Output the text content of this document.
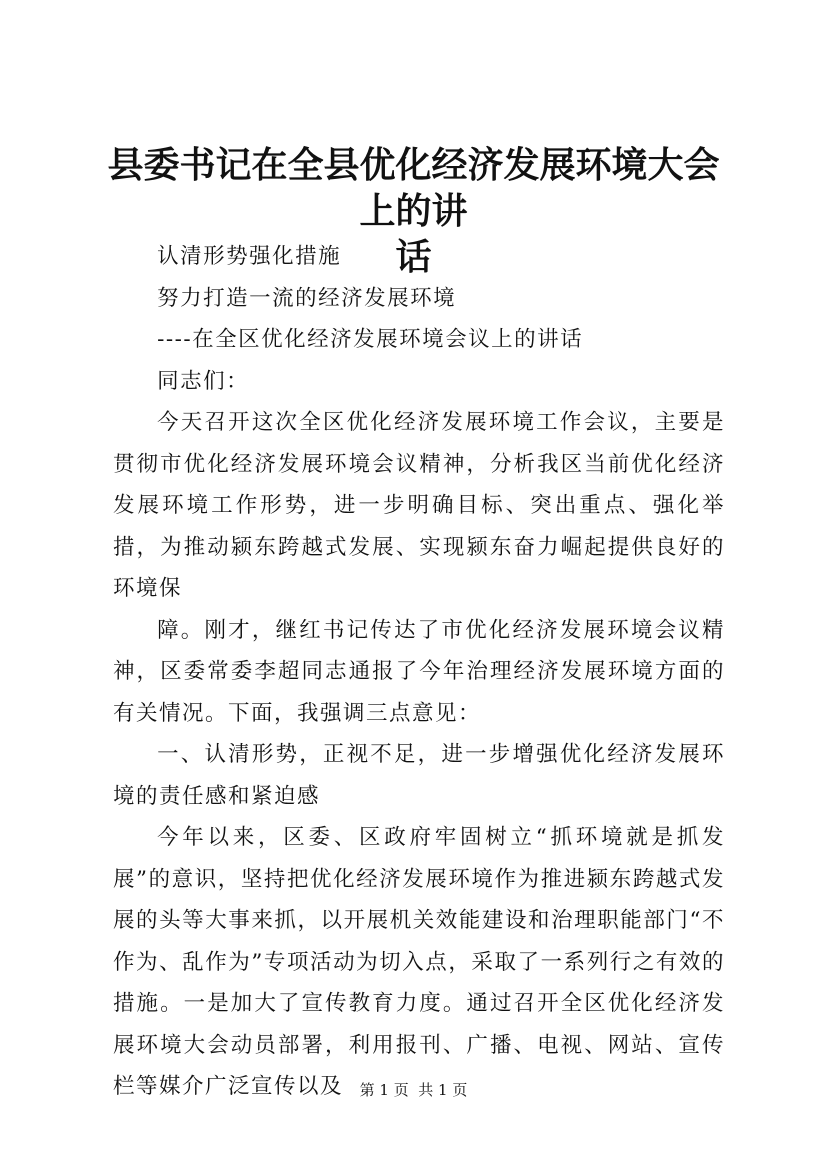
县委书记在全县优化经济发展环境大会上的讲
话

认清形势强化措施

努力打造一流的经济发展环境

----在全区优化经济发展环境会议上的讲话

同志们：

今天召开这次全区优化经济发展环境工作会议，主要是贯彻市优化经济发展环境会议精神，分析我区当前优化经济发展环境工作形势，进一步明确目标、突出重点、强化举措，为推动颍东跨越式发展、实现颍东奋力崛起提供良好的环境保

障。刚才，继红书记传达了市优化经济发展环境会议精神，区委常委李超同志通报了今年治理经济发展环境方面的有关情况。下面，我强调三点意见：

一、认清形势，正视不足，进一步增强优化经济发展环境的责任感和紧迫感

今年以来，区委、区政府牢固树立“抓环境就是抓发展”的意识，坚持把优化经济发展环境作为推进颍东跨越式发展的头等大事来抓，以开展机关效能建设和治理职能部门“不作为、乱作为”专项活动为切入点，采取了一系列行之有效的措施。一是加大了宣传教育力度。通过召开全区优化经济发展环境大会动员部署，利用报刊、广播、电视、网站、宣传栏等媒介广泛宣传以及	第 1 页  共 1 页
